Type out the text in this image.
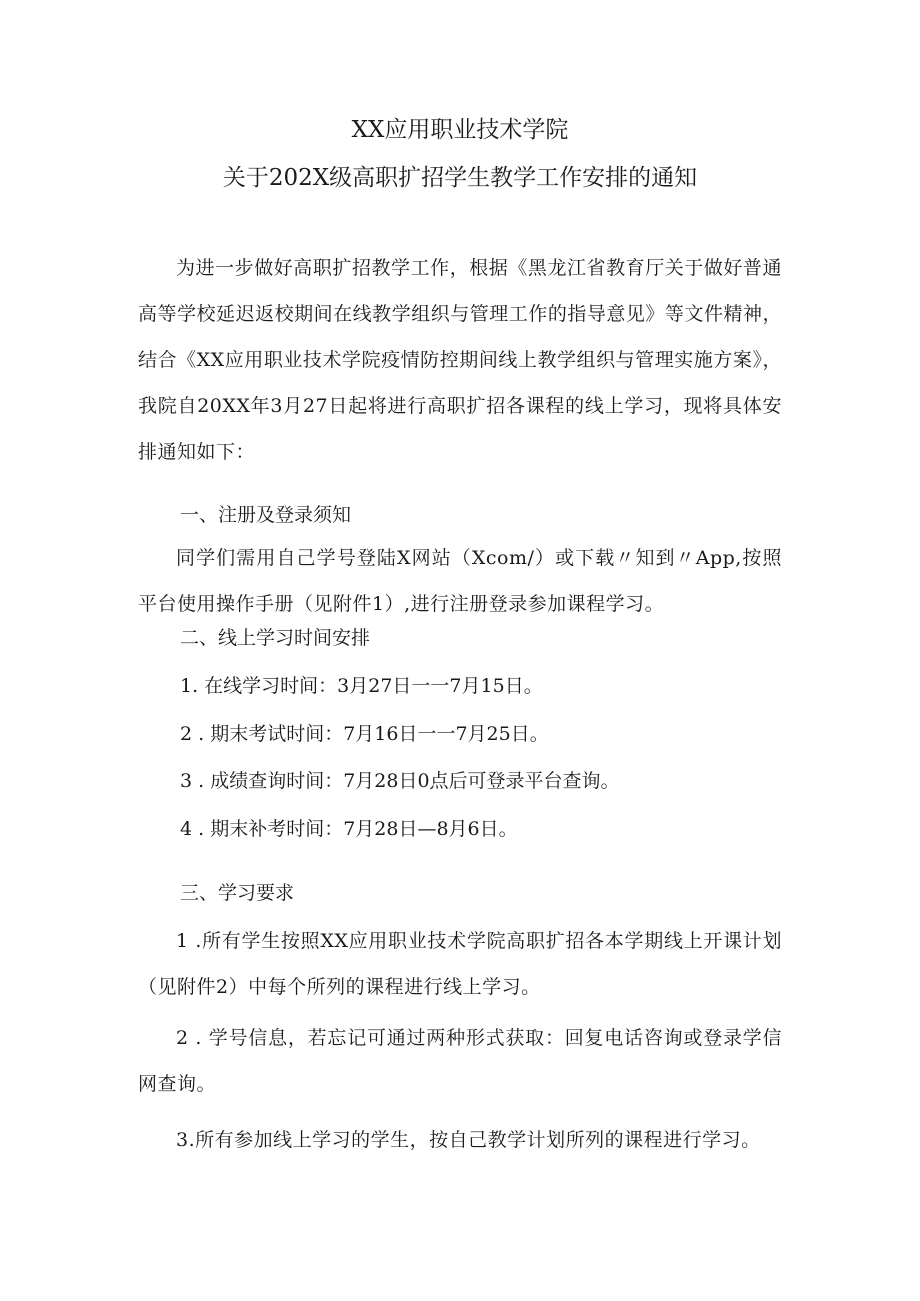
XX应用职业技术学院
关于202X级高职扩招学生教学工作安排的通知

为进一步做好高职扩招教学工作，根据《黑龙江省教育厅关于做好普通高等学校延迟返校期间在线教学组织与管理工作的指导意见》等文件精神，结合《XX应用职业技术学院疫情防控期间线上教学组织与管理实施方案》，我院自20XX年3月27日起将进行高职扩招各课程的线上学习，现将具体安排通知如下：

一、注册及登录须知

同学们需用自己学号登陆X网站（Xcom/）或下载〃知到〃App,按照平台使用操作手册（见附件1）,进行注册登录参加课程学习。

二、线上学习时间安排

1. 在线学习时间：3月27日一一7月15日。

2 . 期末考试时间：7月16日一一7月25日。

3 . 成绩查询时间：7月28日0点后可登录平台查询。

4 . 期末补考时间：7月28日—8月6日。

三、学习要求

1 .所有学生按照XX应用职业技术学院高职扩招各本学期线上开课计划（见附件2）中每个所列的课程进行线上学习。

2 . 学号信息，若忘记可通过两种形式获取：回复电话咨询或登录学信网查询。

3.所有参加线上学习的学生，按自己教学计划所列的课程进行学习。
